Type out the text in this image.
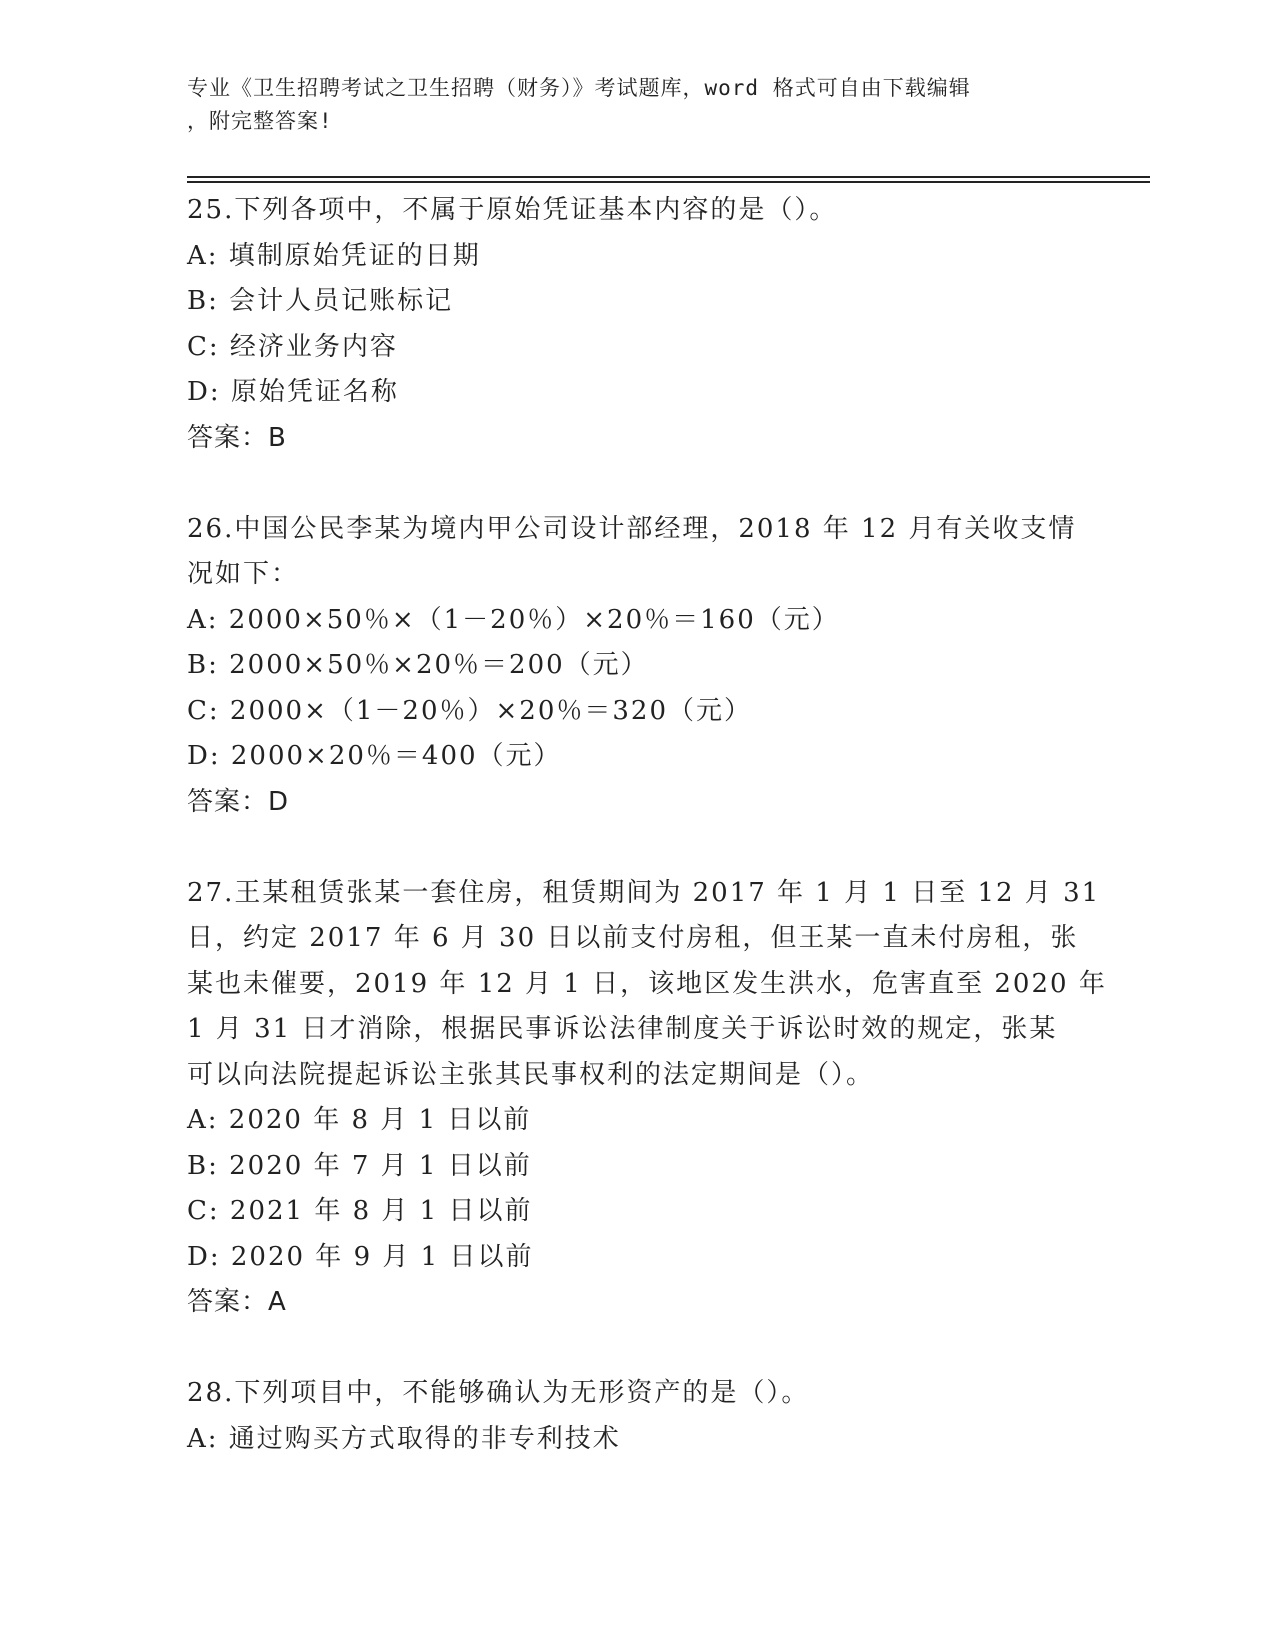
专业《卫生招聘考试之卫生招聘（财务）》考试题库，word 格式可自由下载编辑
，附完整答案!
25.下列各项中，不属于原始凭证基本内容的是（）。
A: 填制原始凭证的日期
B: 会计人员记账标记
C: 经济业务内容
D: 原始凭证名称
答案：B
26.中国公民李某为境内甲公司设计部经理，2018 年 12 月有关收支情
况如下：
A: 2000×50％×（1－20％）×20％＝160（元）
B: 2000×50％×20％＝200（元）
C: 2000×（1－20％）×20％＝320（元）
D: 2000×20％＝400（元）
答案：D
27.王某租赁张某一套住房，租赁期间为 2017 年 1 月 1 日至 12 月 31
日，约定 2017 年 6 月 30 日以前支付房租，但王某一直未付房租，张
某也未催要，2019 年 12 月 1 日，该地区发生洪水，危害直至 2020 年
1 月 31 日才消除，根据民事诉讼法律制度关于诉讼时效的规定，张某
可以向法院提起诉讼主张其民事权利的法定期间是（）。
A: 2020 年 8 月 1 日以前
B: 2020 年 7 月 1 日以前
C: 2021 年 8 月 1 日以前
D: 2020 年 9 月 1 日以前
答案：A
28.下列项目中，不能够确认为无形资产的是（）。
A: 通过购买方式取得的非专利技术
